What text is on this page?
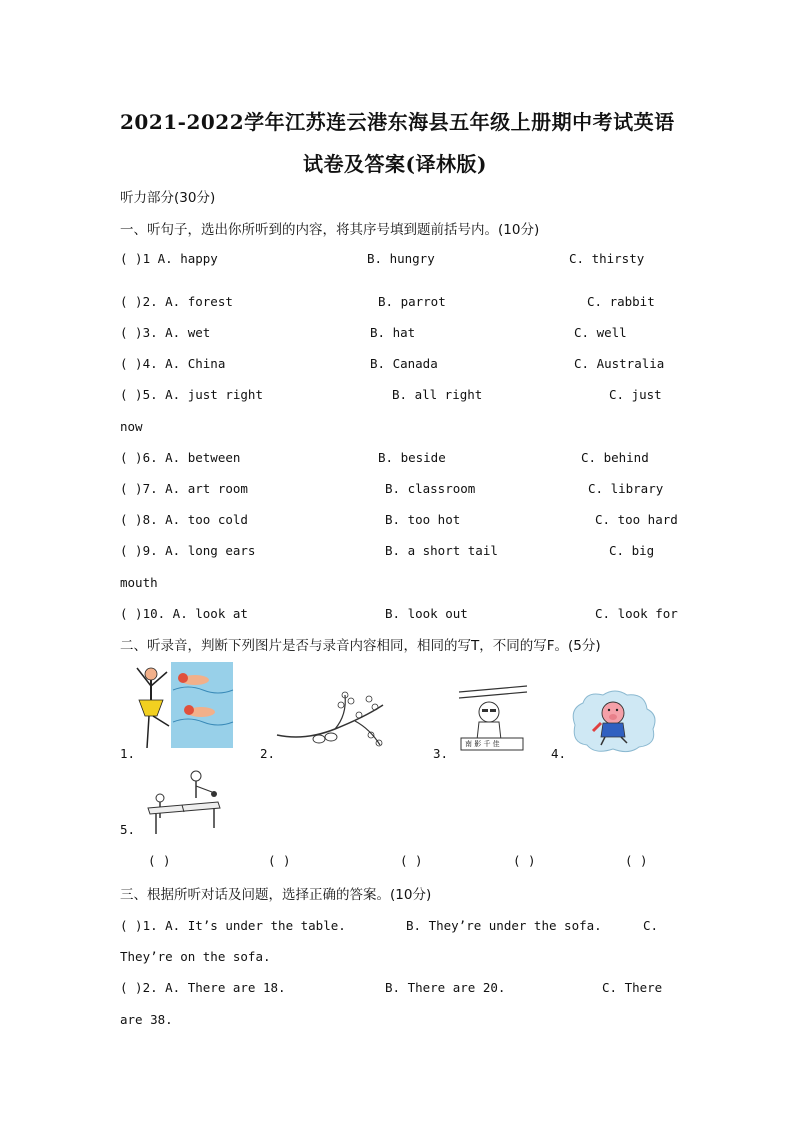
2021-2022学年江苏连云港东海县五年级上册期中考试英语
试卷及答案(译林版)
听力部分(30分)
一、听句子，选出你所听到的内容，将其序号填到题前括号内。(10分)
( )1 A. happy	B. hungry	C. thirsty
( )2. A. forest	B. parrot	C. rabbit
( )3. A. wet	B. hat	C. well
( )4. A. China	B. Canada	C. Australia
( )5. A. just right	B. all right	C. just
now
( )6. A. between	B. beside	C. behind
( )7. A. art room	B. classroom	C. library
( )8. A. too cold	B. too hot	C. too hard
( )9. A. long ears	B. a short tail	C. big
mouth
( )10. A. look at	B. look out	C. look for
二、听录音，判断下列图片是否与录音内容相同，相同的写T，不同的写F。(5分)
1.	2.	3.
南 影 千 佳
4.
5.
( )	( )	( )	( )	( )
三、根据所听对话及问题，选择正确的答案。(10分)
( )1. A. It’s under the table.	B. They’re under the sofa.	C.
They’re on the sofa.
( )2. A. There are 18.	B. There are 20.	C. There
are 38.
